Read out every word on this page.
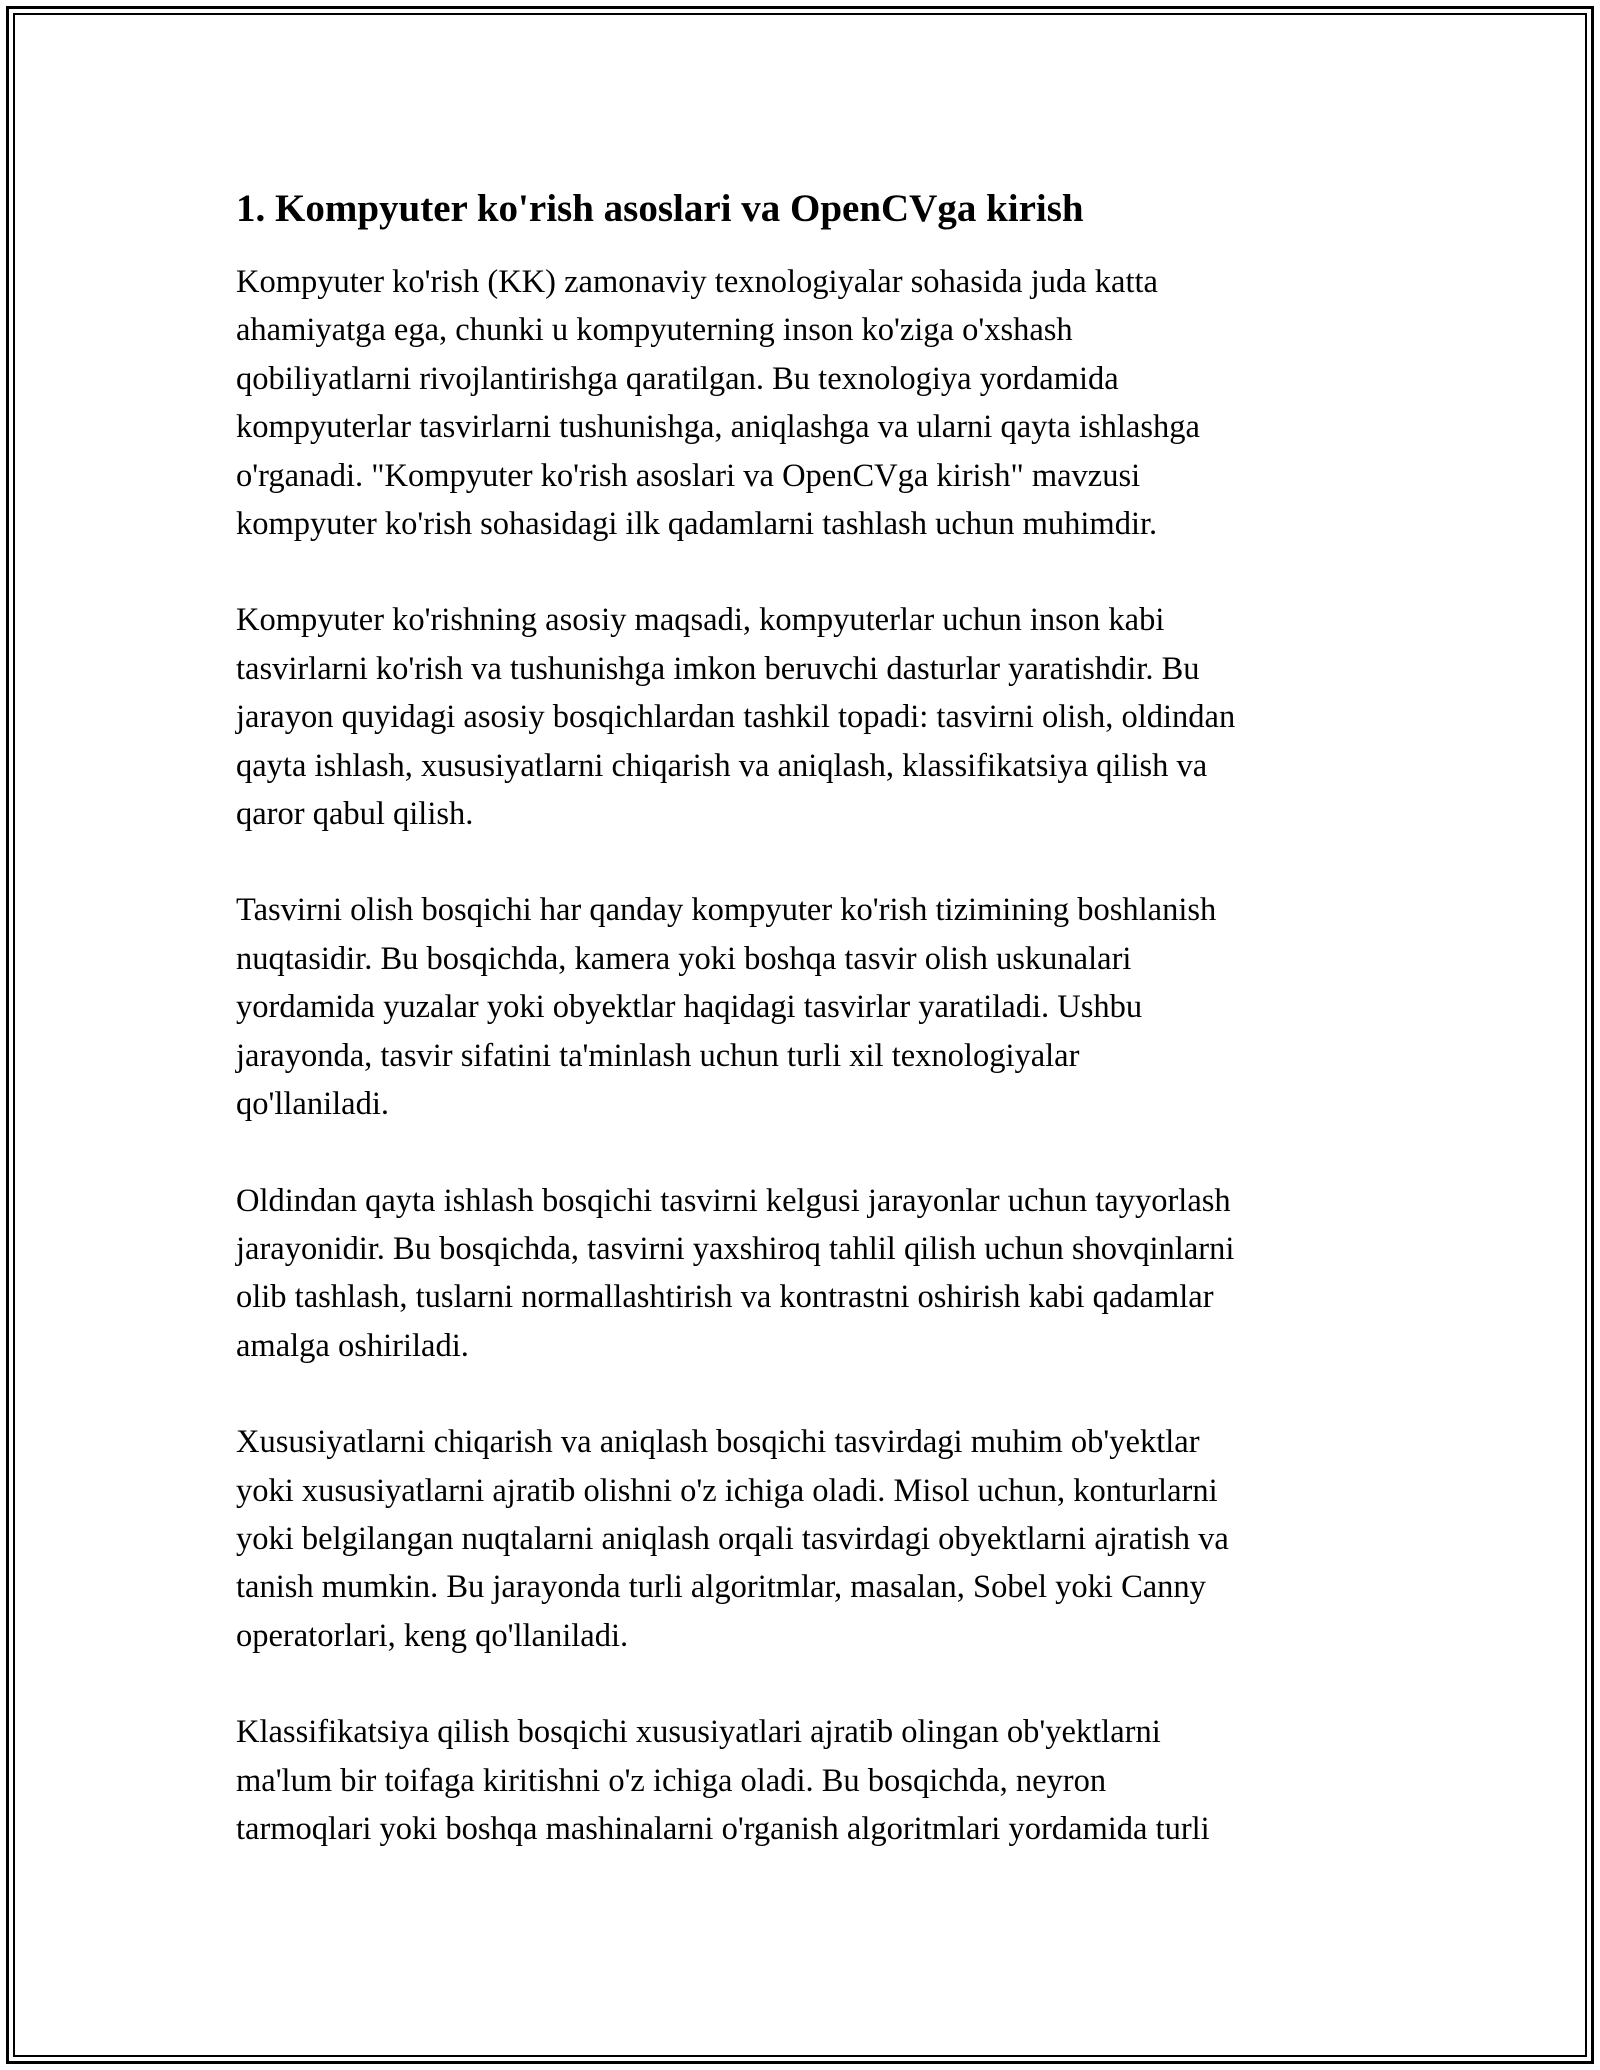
1. Kompyuter ko'rish asoslari va OpenCVga kirish
Kompyuter ko'rish (KK) zamonaviy texnologiyalar sohasida juda katta
ahamiyatga ega, chunki u kompyuterning inson ko'ziga o'xshash
qobiliyatlarni rivojlantirishga qaratilgan. Bu texnologiya yordamida
kompyuterlar tasvirlarni tushunishga, aniqlashga va ularni qayta ishlashga
o'rganadi. "Kompyuter ko'rish asoslari va OpenCVga kirish" mavzusi
kompyuter ko'rish sohasidagi ilk qadamlarni tashlash uchun muhimdir.
Kompyuter ko'rishning asosiy maqsadi, kompyuterlar uchun inson kabi
tasvirlarni ko'rish va tushunishga imkon beruvchi dasturlar yaratishdir. Bu
jarayon quyidagi asosiy bosqichlardan tashkil topadi: tasvirni olish, oldindan
qayta ishlash, xususiyatlarni chiqarish va aniqlash, klassifikatsiya qilish va
qaror qabul qilish.
Tasvirni olish bosqichi har qanday kompyuter ko'rish tizimining boshlanish
nuqtasidir. Bu bosqichda, kamera yoki boshqa tasvir olish uskunalari
yordamida yuzalar yoki obyektlar haqidagi tasvirlar yaratiladi. Ushbu
jarayonda, tasvir sifatini ta'minlash uchun turli xil texnologiyalar
qo'llaniladi.
Oldindan qayta ishlash bosqichi tasvirni kelgusi jarayonlar uchun tayyorlash
jarayonidir. Bu bosqichda, tasvirni yaxshiroq tahlil qilish uchun shovqinlarni
olib tashlash, tuslarni normallashtirish va kontrastni oshirish kabi qadamlar
amalga oshiriladi.
Xususiyatlarni chiqarish va aniqlash bosqichi tasvirdagi muhim ob'yektlar
yoki xususiyatlarni ajratib olishni o'z ichiga oladi. Misol uchun, konturlarni
yoki belgilangan nuqtalarni aniqlash orqali tasvirdagi obyektlarni ajratish va
tanish mumkin. Bu jarayonda turli algoritmlar, masalan, Sobel yoki Canny
operatorlari, keng qo'llaniladi.
Klassifikatsiya qilish bosqichi xususiyatlari ajratib olingan ob'yektlarni
ma'lum bir toifaga kiritishni o'z ichiga oladi. Bu bosqichda, neyron
tarmoqlari yoki boshqa mashinalarni o'rganish algoritmlari yordamida turli
